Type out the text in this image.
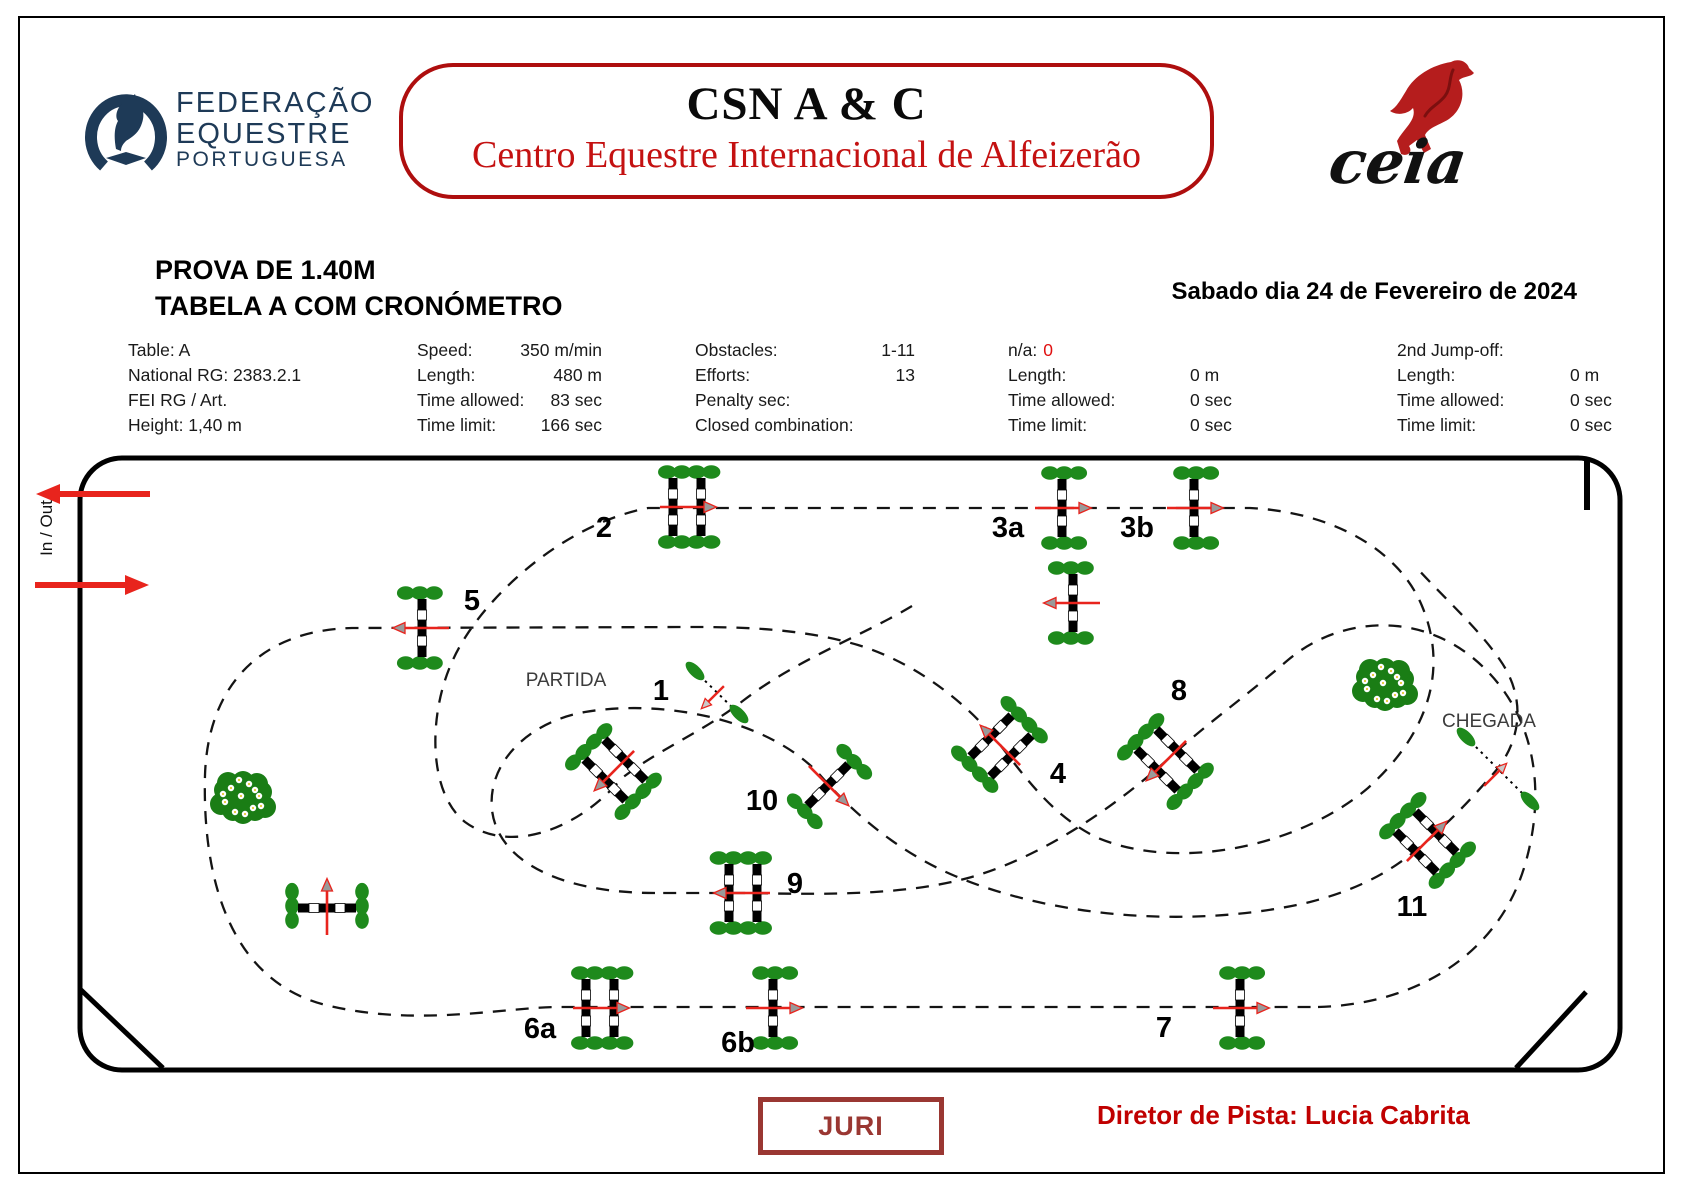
FEDERAÇÃO
EQUESTRE
PORTUGUESA
CSN A & C
Centro Equestre Internacional de Alfeizerão	ceia
PROVA DE 1.40M
TABELA A COM CRONÓMETRO	Sabado dia 24 de Fevereiro de 2024
Table: A
National RG: 2383.2.1
FEI RG / Art.
Height: 1,40 m
Speed:	350 m/min
Length:	480 m
Time allowed:	83 sec
Time limit:	166 sec
Obstacles:	1-11
Efforts:	13
Penalty sec:
Closed combination:
n/a: 0
Length:	0 m
Time allowed:	0 sec
Time limit:	0 sec
2nd Jump-off:
Length:	0 m
Time allowed:	0 sec
Time limit:	0 sec
1
2	3a	3b
4
5
6a	6b	7
8
9
10
11
PARTIDA
CHEGADA
In / Out
JURI	Diretor de Pista: Lucia Cabrita
